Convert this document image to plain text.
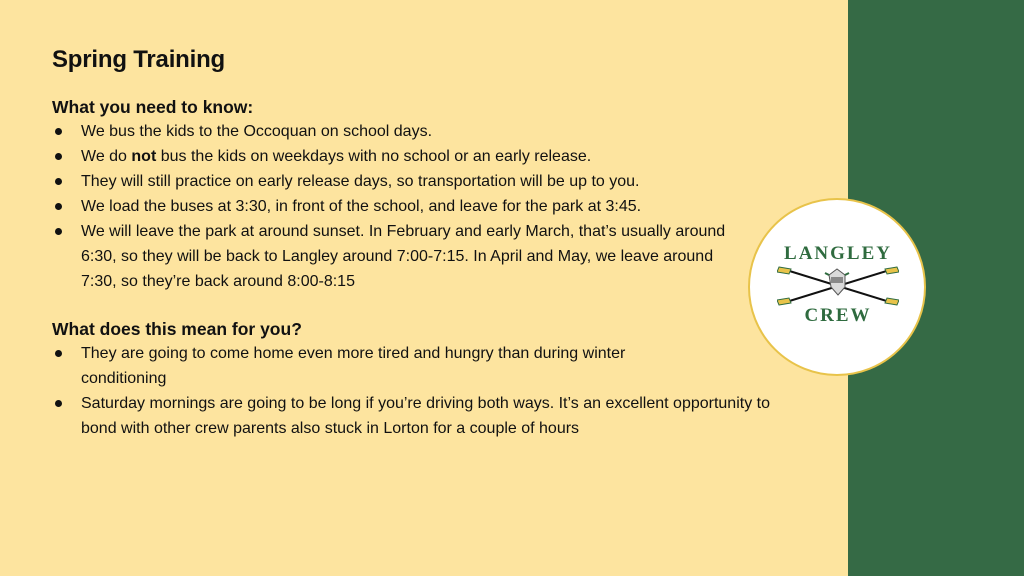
Spring Training
What you need to know:
We bus the kids to the Occoquan on school days.
We do not bus the kids on weekdays with no school or an early release.
They will still practice on early release days, so transportation will be up to you.
We load the buses at 3:30, in front of the school, and leave for the park at 3:45.
We will leave the park at around sunset. In February and early March, that’s usually around 6:30, so they will be back to Langley around 7:00-7:15. In April and May, we leave around 7:30, so they’re back around 8:00-8:15
What does this mean for you?
They are going to come home even more tired and hungry than during winter conditioning
Saturday mornings are going to be long if you’re driving both ways. It’s an excellent opportunity to bond with other crew parents also stuck in Lorton for a couple of hours
LANGLEY
CREW
